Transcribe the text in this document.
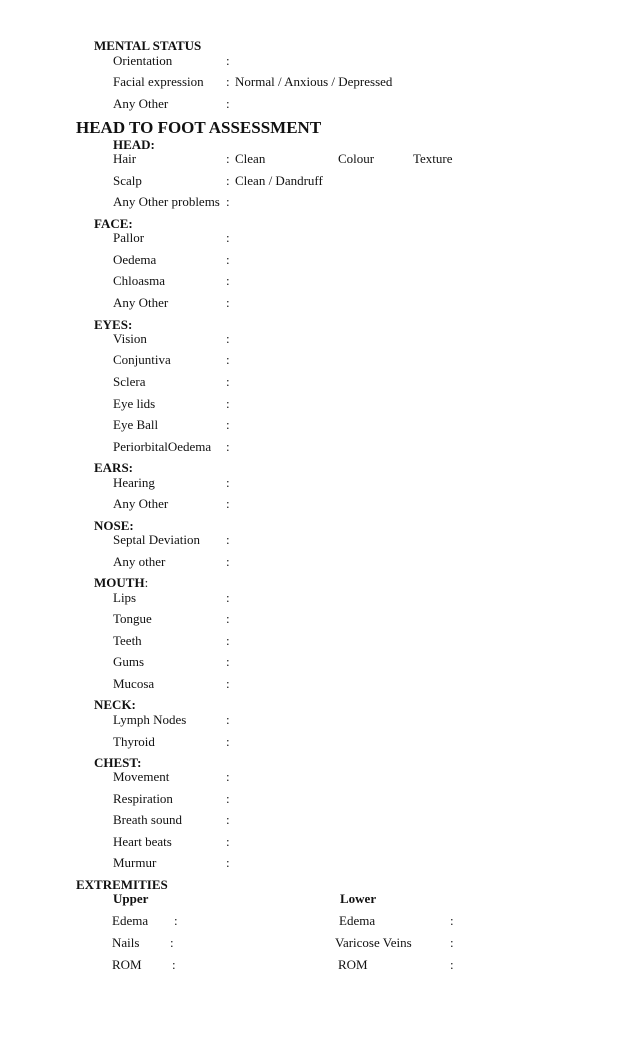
MENTAL STATUS
Orientation	:
Facial expression : Normal / Anxious / Depressed
Any Other	:
HEAD TO FOOT ASSESSMENT
HEAD:
Hair	: Clean	Colour	Texture
Scalp	: Clean / Dandruff
Any Other problems :
FACE:
Pallor	:
Oedema	:
Chloasma	:
Any Other	:
EYES:
Vision	:
Conjuntiva	:
Sclera	:
Eye lids	:
Eye Ball	:
PeriorbitalOedema :
EARS:
Hearing	:
Any Other	:
NOSE:
Septal Deviation :
Any other	:
MOUTH:
Lips	:
Tongue	:
Teeth	:
Gums	:
Mucosa	:
NECK:
Lymph Nodes	:
Thyroid	:
CHEST:
Movement	:
Respiration	:
Breath sound	:
Heart beats	:
Murmur	:
EXTREMITIES
Upper	Lower
Edema :	Edema	:
Nails :	Varicose Veins	:
ROM :	ROM	:
